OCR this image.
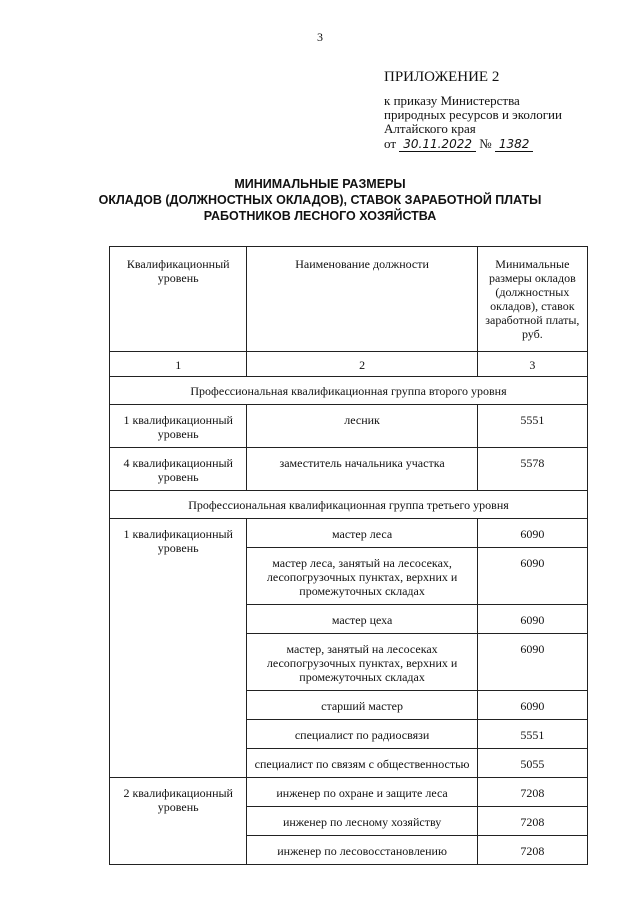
3
ПРИЛОЖЕНИЕ 2
к приказу Министерства
природных ресурсов и экологии
Алтайского края
от 30.11.2022 № 1382
МИНИМАЛЬНЫЕ РАЗМЕРЫ
ОКЛАДОВ (ДОЛЖНОСТНЫХ ОКЛАДОВ), СТАВОК ЗАРАБОТНОЙ ПЛАТЫ
РАБОТНИКОВ ЛЕСНОГО ХОЗЯЙСТВА
Квалификационный уровень	Наименование должности	Минимальные размеры окладов (должностных окладов), ставок заработной платы, руб.
1	2	3
Профессиональная квалификационная группа второго уровня		
1 квалификационный уровень	лесник	5551
4 квалификационный уровень	заместитель начальника участка	5578
Профессиональная квалификационная группа третьего уровня		
1 квалификационный уровень	мастер леса	6090
	мастер леса, занятый на лесосеках, лесопогрузочных пунктах, верхних и промежуточных складах	6090
	мастер цеха	6090
	мастер, занятый на лесосеках лесопогрузочных пунктах, верхних и промежуточных складах	6090
	старший мастер	6090
	специалист по радиосвязи	5551
	специалист по связям с общественностью	5055
2 квалификационный уровень	инженер по охране и защите леса	7208
	инженер по лесному хозяйству	7208
	инженер по лесовосстановлению	7208
